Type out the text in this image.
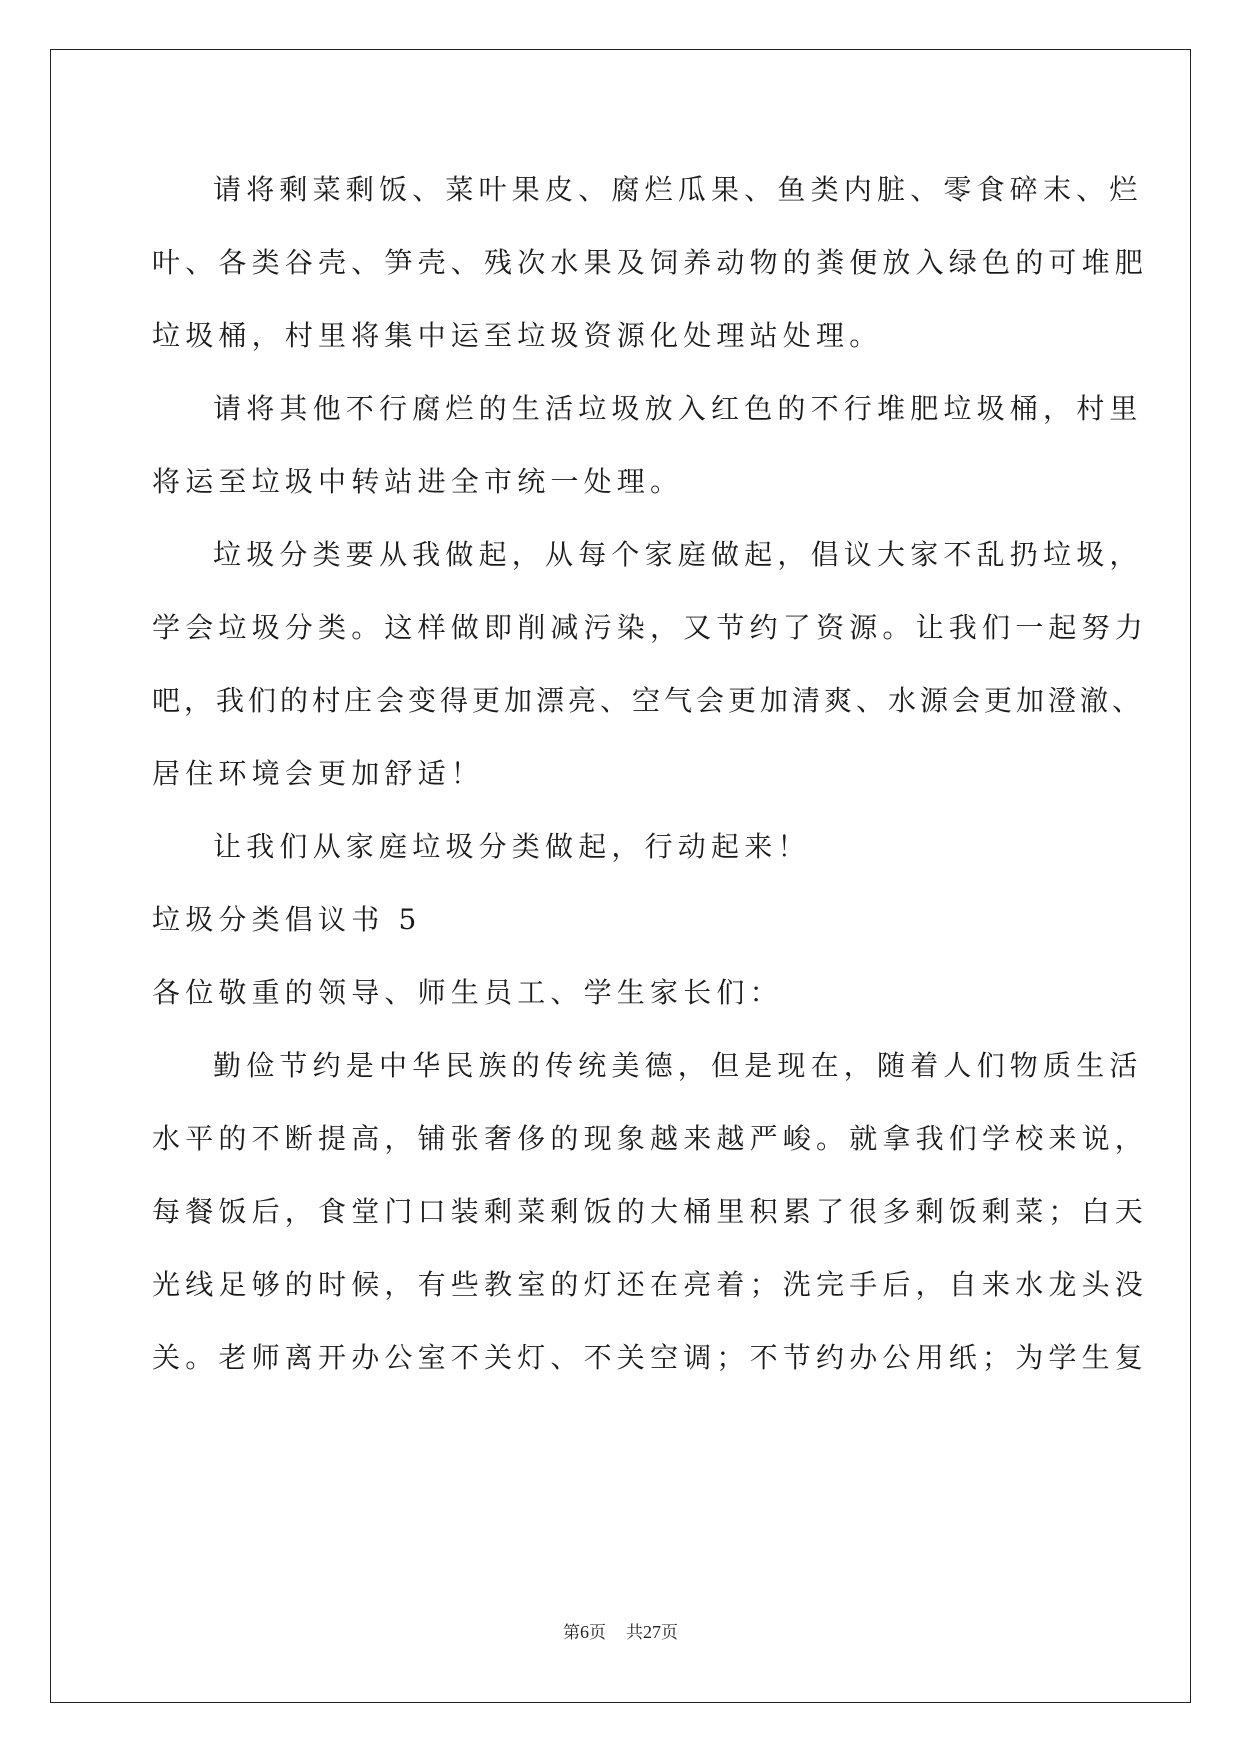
请将剩菜剩饭、菜叶果皮、腐烂瓜果、鱼类内脏、零食碎末、烂
叶、各类谷壳、笋壳、残次水果及饲养动物的粪便放入绿色的可堆肥
垃圾桶，村里将集中运至垃圾资源化处理站处理。
请将其他不行腐烂的生活垃圾放入红色的不行堆肥垃圾桶，村里
将运至垃圾中转站进全市统一处理。
垃圾分类要从我做起，从每个家庭做起，倡议大家不乱扔垃圾，
学会垃圾分类。这样做即削减污染，又节约了资源。让我们一起努力
吧，我们的村庄会变得更加漂亮、空气会更加清爽、水源会更加澄澈、
居住环境会更加舒适！
让我们从家庭垃圾分类做起，行动起来！
垃圾分类倡议书 5
各位敬重的领导、师生员工、学生家长们：
勤俭节约是中华民族的传统美德，但是现在，随着人们物质生活
水平的不断提高，铺张奢侈的现象越来越严峻。就拿我们学校来说，
每餐饭后，食堂门口装剩菜剩饭的大桶里积累了很多剩饭剩菜；白天
光线足够的时候，有些教室的灯还在亮着；洗完手后，自来水龙头没
关。老师离开办公室不关灯、不关空调；不节约办公用纸；为学生复
第6页 共27页
